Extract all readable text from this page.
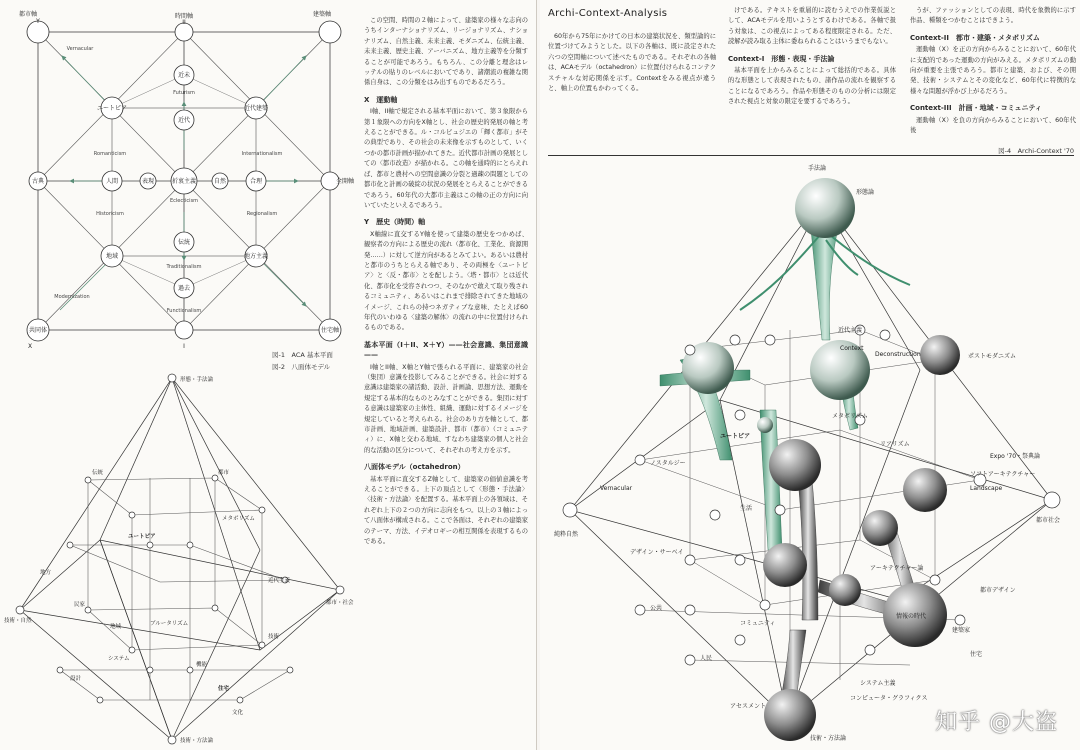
都市軸	時間軸	建築軸
Y
X
II
I
近未
近代
折衷主義
伝統
古典	全開軸
過去
共同体	住宅軸
ユートピア	近代建築
地域	地方主義
人間	合理
表現	自然
Vernacular
Romanticism
Historicism
Futurism
Internationalism
Regionalism
Eclecticism
Traditionalism
Functionalism
Modernization
図-1　ACA 基本平面
図-2　八面体モデル
形態・手法論
技術・方法論
技術・自然
都市・社会
ユートピア
近代主義
都市
メタボリズム
伝統
技術
民家
ブルータリズム
住宅
機能
システム
設計
地域
地方
文化

この空間、時間の２軸によって、建築家の様々な志向のうちインターナショナリズム、リージョナリズム、ナショナリズム、自然主義、未来主義、モダニズム、伝統主義、未来主義、歴史主義、アーバニズム、地方主義等を分類することが可能であろう。もちろん、この分離と理念はレッテルの貼りのレベルにおいてであり、諸潮流の複雑な関係自身は、この分類をはみ出すものであるだろう。

X　運動軸

I軸、II軸で規定される基本平面において、第３象限から第１象限への方向をX軸とし、社会の歴史的発展の軸と考えることができる。ル・コルビュジエの「輝く都市」がその典型であり、その社会の未来像を示すものとして、いくつかの都市計画が描かれてきた。近代都市計画の発展としての〈都市改造〉が描かれる。この軸を通時的にとらえれば、都市と農村への空間意識の分裂と過疎の問題としての都市化と計画の破綻の状況の発展をとらえることができるであろう。60年代の大都市主義はこの軸の正の方向に向いていたといえるであろう。

Y　歴史（時間）軸

X軸線に直交するY軸を使って建築の歴史をつかめば、観察者の方向による歴史の流れ（都市化、工業化、資源開発……）に対して逆方向があるとみてよい。あるいは農村と都市のうちとらえる軸であり、その両極を〈ユートピア〉と〈反・都市〉とを配しよう。〈塔・都市〉とは近代化、都市化を受容されつつ、そのなかで敢えて取り残されるコミュニティ、あるいはこれまで排除されてきた地域のイメージ、これらの持つネガティブな意味、たとえば60年代のいわゆる〈建築の解体〉の流れの中に位置付けられるものである。

基本平面（I＋II、X＋Y）——社会意識、集団意識——

I軸とII軸、X軸とY軸で張られる平面に、建築家の社会（集団）意識を投影してみることができる。社会に対する意識は建築家の諸活動、設計、計画論、思想方法、運動を規定する基本的なものとみなすことができる。集団に対する意識は建築家の主体性、組織、運動に対するイメージを規定していると考えられる。社会のあり方を軸として、都市計画、地域計画、建築設計、都市（都市）（コミュニティ）に、X軸と交わる地域、すなわち建築家の個人と社会的な活動の区分について、それぞれの考え方を示す。

八面体モデル（octahedron）

基本平面に直交するZ軸として、建築家の価値意識を考えることができる。上下の頂点として〈形態・手法論〉〈技術・方法論〉を配置する。基本平面上の各領域は、それぞれ上下の２つの方向に志向をもつ。以上の３軸によって八面体が構成される。ここで各面は、それぞれの建築家のテーマ、方法、イデオロギーの相互関係を表現するものである。

Archi-Context-Analysis

60年から75年にかけての日本の建築状況を、類型論的に位置づけてみようとした。以下の各軸は、既に設定された六つの空間軸について述べたものである。それぞれの各軸は、ACAモデル（octahedron）に位置付けられるコンテクスチャルな対応関係を示す。Contextをみる視点が違うと、軸上の位置もかわってくる。

けである。テキストを重層的に読むうえでの作業仮説として、ACAモデルを用いようとするわけである。各軸で扱う対象は、この視点によってある程度限定される。ただ、読解が読み取る主体に委ねられることはいうまでもない。

Context-I　形態・表現・手法論

基本平面を上からみることによって総括的である。具体的な形態として表現されたもの、諸作品の流れを観察することになるであろう。作品や形態そのものの分析には限定された視点と対象の限定を要するであろう。

うが、ファッションとしての表現、時代を象徴的に示す作品、種類をつかむことはできよう。

Context-II　都市・建築・メタボリズム

運動軸（X）を正の方向からみることにおいて、60年代に支配的であった運動の方向がみえる。メタボリズムの動向が重要を主張であろう。都市と建築、および、その開発、技術・システムとその変化など、60年代に特徴的な様々な問題が浮かび上がるだろう。

Context-III　計画・地域・コミュニティ

運動軸（X）を負の方向からみることにおいて、60年代後

図-4　Archi-Context '70
手法論
形態論
技術・方法論
純粋自然
都市社会
ユートピア
アセスメント
情報の時代
Expo '70・祭典論
Deconstruction	ポストモダニズム
メタボリズム
Vernacular
建築家
Context
システム主義
コミュニティ
ノスタルジー
デザイン・サーベイ
近代主義
都市デザイン
ソフトアーキテクチャー
コンピュータ・グラフィクス
住宅
Landscape
アーキテクチャー論
生活
公共
リアリズム
人民
知乎 @大盗
